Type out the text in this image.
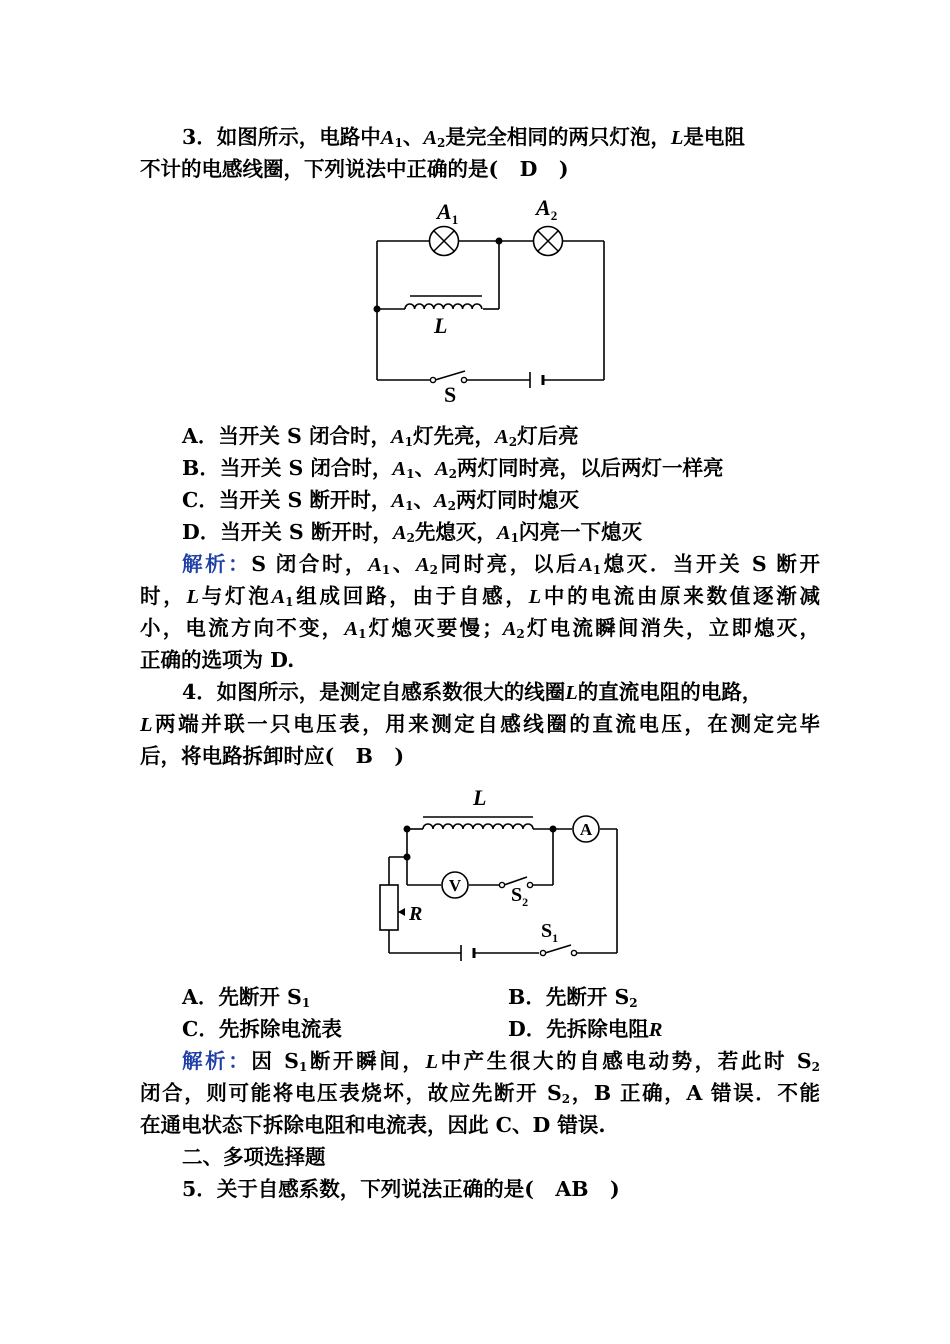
3．如图所示，电路中$A_1$、$A_2$是完全相同的两只灯泡，L是电阻
不计的电感线圈，下列说法中正确的是( D )
$A_1$	$A_2$
L
S
A．当开关 S 闭合时，$A_1$灯先亮，$A_2$灯后亮
B．当开关 S 闭合时，$A_1$、$A_2$两灯同时亮，以后两灯一样亮
C．当开关 S 断开时，$A_1$、$A_2$两灯同时熄灭
D．当开关 S 断开时，$A_2$先熄灭，$A_1$闪亮一下熄灭
解析：S 闭合时，$A_1$、$A_2$同时亮，以后$A_1$熄灭．当开关 S 断开
时，L与灯泡$A_1$组成回路，由于自感，L中的电流由原来数值逐渐减
小，电流方向不变，$A_1$灯熄灭要慢；$A_2$灯电流瞬间消失，立即熄灭，
正确的选项为 D.
4．如图所示，是测定自感系数很大的线圈L的直流电阻的电路，
L两端并联一只电压表，用来测定自感线圈的直流电压，在测定完毕
后，将电路拆卸时应( B )
A
V
L
$S_2$
R
$S_1$
A．先断开 $S_1$	B．先断开 $S_2$
C．先拆除电流表	D．先拆除电阻R
解析：因 $S_1$断开瞬间，L中产生很大的自感电动势，若此时 $S_2$
闭合，则可能将电压表烧坏，故应先断开 $S_2$，B 正确，A 错误．不能
在通电状态下拆除电阻和电流表，因此 C、D 错误.
二、多项选择题
5．关于自感系数，下列说法正确的是( AB )
